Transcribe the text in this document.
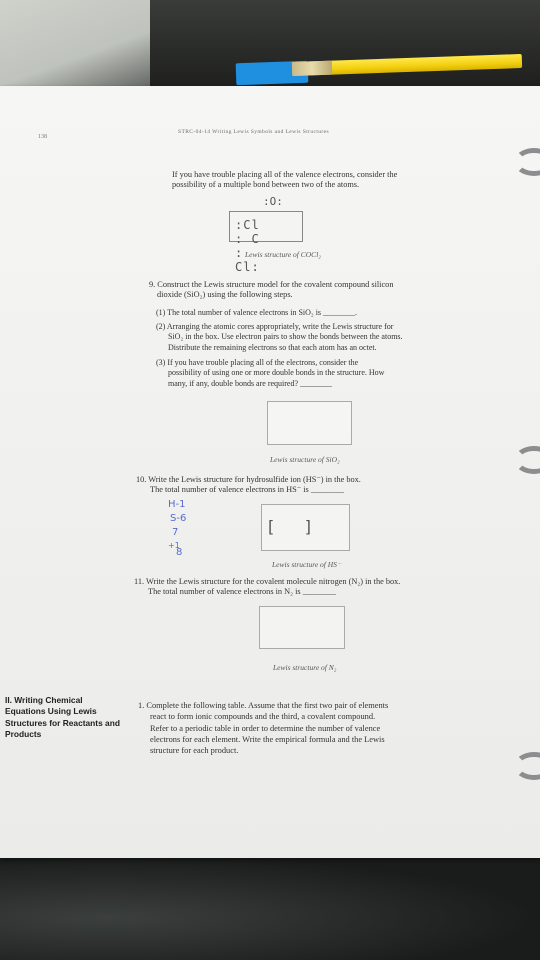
138
STRC-04-14 Writing Lewis Symbols and Lewis Structures
If you have trouble placing all of the valence electrons, consider the
possibility of a multiple bond between two of the atoms.
:O:
:Cl : C : Cl:
Lewis structure of COCl₂
9. Construct the Lewis structure model for the covalent compound silicon
dioxide (SiO₂) using the following steps.
(1) The total number of valence electrons in SiO₂ is ________.
(2) Arranging the atomic cores appropriately, write the Lewis structure for
SiO₂ in the box. Use electron pairs to show the bonds between the atoms.
Distribute the remaining electrons so that each atom has an octet.
(3) If you have trouble placing all of the electrons, consider the
possibility of using one or more double bonds in the structure. How
many, if any, double bonds are required? ________
Lewis structure of SiO₂
10. Write the Lewis structure for hydrosulfide ion (HS⁻) in the box.
The total number of valence electrons in HS⁻ is ________
H-1
S-6
7
+1
8
[      ]
Lewis structure of HS⁻
11. Write the Lewis structure for the covalent molecule nitrogen (N₂) in the box.
The total number of valence electrons in N₂ is ________
Lewis structure of N₂
II. Writing Chemical
Equations Using Lewis
Structures for Reactants and
Products
1. Complete the following table. Assume that the first two pair of elements
react to form ionic compounds and the third, a covalent compound.
Refer to a periodic table in order to determine the number of valence
electrons for each element. Write the empirical formula and the Lewis
structure for each product.
